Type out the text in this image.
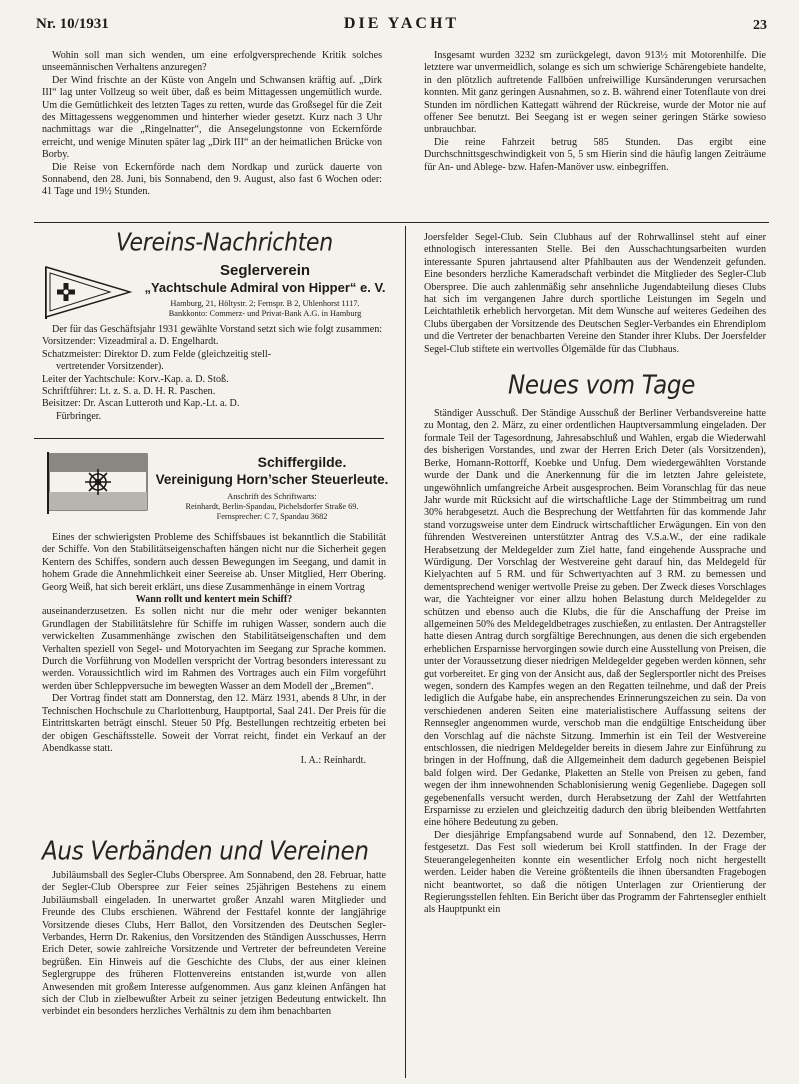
Nr. 10/1931	DIE YACHT	23

Wohin soll man sich wenden, um eine erfolgversprechende Kritik solches unseemännischen Verhaltens anzuregen?

Der Wind frischte an der Küste von Angeln und Schwansen kräftig auf. „Dirk III“ lag unter Vollzeug so weit über, daß es beim Mittagessen ungemütlich wurde. Um die Gemütlichkeit des letzten Tages zu retten, wurde das Großsegel für die Zeit des Mittagessens weggenommen und hinterher wieder gesetzt. Kurz nach 3 Uhr nachmittags war die „Ringelnatter“, die Ansegelungstonne von Eckernförde erreicht, und wenige Minuten später lag „Dirk III“ an der heimatlichen Brücke von Borby.

Die Reise von Eckernförde nach dem Nordkap und zurück dauerte von Sonnabend, den 28. Juni, bis Sonnabend, den 9. August, also fast 6 Wochen oder: 41 Tage und 19½ Stunden.

Insgesamt wurden 3232 sm zurückgelegt, davon 913½ mit Motorenhilfe. Die letztere war unvermeidlich, solange es sich um schwierige Schärengebiete handelte, in den plötzlich auftretende Fallböen unfreiwillige Kursänderungen verursachen konnten. Mit ganz geringen Ausnahmen, so z. B. während einer Totenflaute von drei Stunden im nördlichen Kattegatt während der Rückreise, wurde der Motor nie auf offener See benutzt. Bei Seegang ist er wegen seiner geringen Stärke sowieso unbrauchbar.

Die reine Fahrzeit betrug 585 Stunden. Das ergibt eine Durchschnittsgeschwindigkeit von 5, 5 sm Hierin sind die häufig langen Zeiträume für An- und Ablege- bzw. Hafen-Manöver usw. einbegriffen.

Vereins-Nachrichten
Seglerverein
„Yachtschule Admiral von Hipper“ e. V.
Hamburg, 21, Höltystr. 2; Fernspr. B 2, Uhlenhorst 1117.
Bankkonto: Commerz- und Privat-Bank A.G. in Hamburg

Der für das Geschäftsjahr 1931 gewählte Vorstand setzt sich wie folgt zusammen:

Vorsitzender: Vizeadmiral a. D. Engelhardt.

Schatzmeister: Direktor D. zum Felde (gleichzeitig stell-

vertretender Vorsitzender).

Leiter der Yachtschule: Korv.-Kap. a. D. Stoß.

Schriftführer: Lt. z. S. a. D. H. R. Paschen.

Beisitzer: Dr. Ascan Lutteroth und Kap.-Lt. a. D.

Fürbringer.

Schiffergilde.
Vereinigung Horn’scher Steuerleute.
Anschrift des Schriftwarts:
Reinhardt, Berlin-Spandau, Pichelsdorfer Straße 69.
Fernsprecher: C 7, Spandau 3682

Eines der schwierigsten Probleme des Schiffsbaues ist bekanntlich die Stabilität der Schiffe. Von den Stabilitätseigenschaften hängen nicht nur die Sicherheit gegen Kentern des Schiffes, sondern auch dessen Bewegungen im Seegang, und damit in hohem Grade die Annehmlichkeit einer Seereise ab. Unser Mitglied, Herr Obering. Georg Weiß, hat sich bereit erklärt, uns diese Zusammenhänge in einem Vortrag

Wann rollt und kentert mein Schiff?

auseinanderzusetzen. Es sollen nicht nur die mehr oder weniger bekannten Grundlagen der Stabilitätslehre für Schiffe im ruhigen Wasser, sondern auch die verwickelten Zusammenhänge zwischen den Stabilitätseigenschaften und dem Verhalten speziell von Segel- und Motoryachten im Seegang zur Sprache kommen. Durch die Vorführung von Modellen verspricht der Vortrag besonders interessant zu werden. Voraussichtlich wird im Rahmen des Vortrages auch ein Film vorgeführt werden über Schleppversuche im bewegten Wasser an dem Modell der „Bremen“.

Der Vortrag findet statt am Donnerstag, den 12. März 1931, abends 8 Uhr, in der Technischen Hochschule zu Charlottenburg, Hauptportal, Saal 241. Der Preis für die Eintrittskarten beträgt einschl. Steuer 50 Pfg. Bestellungen rechtzeitig erbeten bei der obigen Geschäftsstelle. Soweit der Vorrat reicht, findet ein Verkauf an der Abendkasse statt.

I. A.: Reinhardt.

Aus Verbänden und Vereinen

Jubiläumsball des Segler-Clubs Oberspree. Am Sonnabend, den 28. Februar, hatte der Segler-Club Oberspree zur Feier seines 25jährigen Bestehens zu einem Jubiläumsball eingeladen. In unerwartet großer Anzahl waren Mitglieder und Freunde des Clubs erschienen. Während der Festtafel konnte der langjährige Vorsitzende dieses Clubs, Herr Ballot, den Vorsitzenden des Deutschen Segler-Verbandes, Herrn Dr. Rakenius, den Vorsitzenden des Ständigen Ausschusses, Herrn Erich Deter, sowie zahlreiche Vorsitzende und Vertreter der befreundeten Vereine begrüßen. Ein Hinweis auf die Geschichte des Clubs, der aus einer kleinen Seglergruppe des früheren Flottenvereins entstanden ist,wurde von allen Anwesenden mit großem Interesse aufgenommen. Aus ganz kleinen Anfängen hat sich der Club in zielbewußter Arbeit zu seiner jetzigen Bedeutung entwickelt. Ihn verbindet ein besonders herzliches Verhältnis zu dem ihm benachbarten

Joersfelder Segel-Club. Sein Clubhaus auf der Rohrwallinsel steht auf einer ethnologisch interessanten Stelle. Bei den Ausschachtungsarbeiten wurden interessante Spuren jahrtausend alter Pfahlbauten aus der Wendenzeit gefunden. Eine besonders herzliche Kameradschaft verbindet die Mitglieder des Segler-Club Oberspree. Die auch zahlenmäßig sehr ansehnliche Jugendabteilung dieses Clubs hat sich im vergangenen Jahre durch sportliche Leistungen im Segeln und Leichtathletik erheblich hervorgetan. Mit dem Wunsche auf weiteres Gedeihen des Clubs übergaben der Vorsitzende des Deutschen Segler-Verbandes ein Ehrendiplom und die Vertreter der benachbarten Vereine den Stander ihrer Klubs. Der Joersfelder Segel-Club stiftete ein wertvolles Ölgemälde für das Clubhaus.

Neues vom Tage

Ständiger Ausschuß. Der Ständige Ausschuß der Berliner Verbandsvereine hatte zu Montag, den 2. März, zu einer ordentlichen Hauptversammlung eingeladen. Der formale Teil der Tagesordnung, Jahresabschluß und Wahlen, ergab die Wiederwahl des bisherigen Vorstandes, und zwar der Herren Erich Deter (als Vorsitzenden), Berke, Homann-Rottorff, Koebke und Unfug. Dem wiedergewählten Vorstande wurde der Dank und die Anerkennung für die im letzten Jahre geleistete, ungewöhnlich umfangreiche Arbeit ausgesprochen. Beim Voranschlag für das neue Jahr wurde mit Rücksicht auf die wirtschaftliche Lage der Stimmbeitrag um rund 30% herabgesetzt. Auch die Besprechung der Wettfahrten für das kommende Jahr stand vorzugsweise unter dem Eindruck wirtschaftlicher Erwägungen. Ein von den führenden Westvereinen unterstützter Antrag des V.S.a.W., der eine radikale Herabsetzung der Meldegelder zum Ziel hatte, fand eingehende Aussprache und Würdigung. Der Vorschlag der Westvereine geht darauf hin, das Meldegeld für Kielyachten auf 5 RM. und für Schwertyachten auf 3 RM. zu bemessen und dementsprechend weniger wertvolle Preise zu geben. Der Zweck dieses Vorschlages war, die Yachteigner vor einer allzu hohen Belastung durch Meldegelder zu schützen und ebenso auch die Klubs, die für die Anschaffung der Preise im allgemeinen 50% des Meldegeldbetrages zuschießen, zu entlasten. Der Antragsteller hatte diesen Antrag durch sorgfältige Berechnungen, aus denen die sich ergebenden erheblichen Ersparnisse hervorgingen sowie durch eine Ausstellung von Preisen, die unter der Voraussetzung dieser niedrigen Meldegelder gegeben werden können, sehr gut vorbereitet. Er ging von der Ansicht aus, daß der Seglersportler nicht des Preises wegen, sondern des Kampfes wegen an den Regatten teilnehme, und daß der Preis lediglich die Aufgabe habe, ein ansprechendes Erinnerungszeichen zu sein. Da von verschiedenen anderen Seiten eine materialistischere Auffassung seitens der Rennsegler angenommen wurde, verschob man die endgültige Entscheidung über den Vorschlag auf die nächste Sitzung. Immerhin ist ein Teil der Westvereine entschlossen, die niedrigen Meldegelder bereits in diesem Jahre zur Einführung zu bringen in der Hoffnung, daß die Allgemeinheit dem dadurch gegebenen Beispiel bald folgen wird. Der Gedanke, Plaketten an Stelle von Preisen zu geben, fand wegen der ihm innewohnenden Schablonisierung wenig Gegenliebe. Dagegen soll gegebenenfalls versucht werden, durch Herabsetzung der Zahl der Wettfahrten Ersparnisse zu erzielen und gleichzeitig dadurch den übrig bleibenden Wettfahrten eine höhere Bedeutung zu geben.

Der diesjährige Empfangsabend wurde auf Sonnabend, den 12. Dezember, festgesetzt. Das Fest soll wiederum bei Kroll stattfinden. In der Frage der Steuerangelegenheiten konnte ein wesentlicher Erfolg noch nicht hergestellt werden. Leider haben die Vereine größtenteils die ihnen übersandten Fragebogen nicht beantwortet, so daß die nötigen Unterlagen zur Orientierung der Regierungsstellen fehlten. Ein Bericht über das Programm der Fahrtensegler enthielt als Hauptpunkt ein
